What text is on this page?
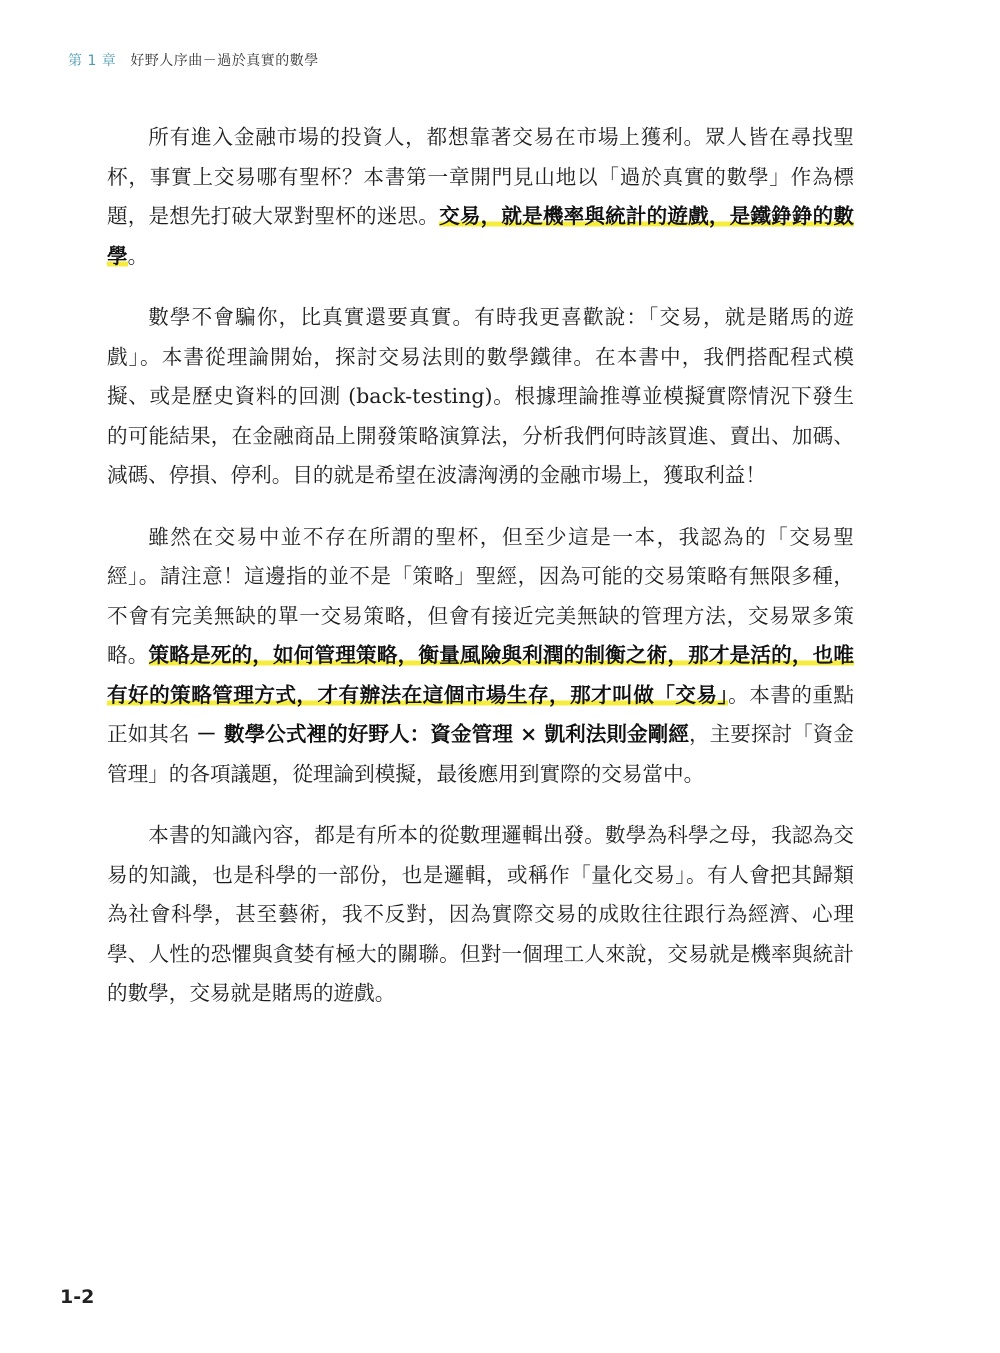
第 1 章 好野人序曲－過於真實的數學

所有進入金融市場的投資人，都想靠著交易在市場上獲利。眾人皆在尋找聖杯，事實上交易哪有聖杯？本書第一章開門見山地以「過於真實的數學」作為標題，是想先打破大眾對聖杯的迷思。交易，就是機率與統計的遊戲，是鐵錚錚的數學。

數學不會騙你，比真實還要真實。有時我更喜歡說：「交易，就是賭馬的遊戲」。本書從理論開始，探討交易法則的數學鐵律。在本書中，我們搭配程式模擬、或是歷史資料的回測 (back-testing)。根據理論推導並模擬實際情況下發生的可能結果，在金融商品上開發策略演算法，分析我們何時該買進、賣出、加碼、減碼、停損、停利。目的就是希望在波濤洶湧的金融市場上，獲取利益！

雖然在交易中並不存在所謂的聖杯，但至少這是一本，我認為的「交易聖經」。請注意！這邊指的並不是「策略」聖經，因為可能的交易策略有無限多種，不會有完美無缺的單一交易策略，但會有接近完美無缺的管理方法，交易眾多策略。策略是死的，如何管理策略，衡量風險與利潤的制衡之術，那才是活的，也唯有好的策略管理方式，才有辦法在這個市場生存，那才叫做「交易」。本書的重點正如其名 － 數學公式裡的好野人：資金管理 × 凱利法則金剛經，主要探討「資金管理」的各項議題，從理論到模擬，最後應用到實際的交易當中。

本書的知識內容，都是有所本的從數理邏輯出發。數學為科學之母，我認為交易的知識，也是科學的一部份，也是邏輯，或稱作「量化交易」。有人會把其歸類為社會科學，甚至藝術，我不反對，因為實際交易的成敗往往跟行為經濟、心理學、人性的恐懼與貪婪有極大的關聯。但對一個理工人來說，交易就是機率與統計的數學，交易就是賭馬的遊戲。

1-2
